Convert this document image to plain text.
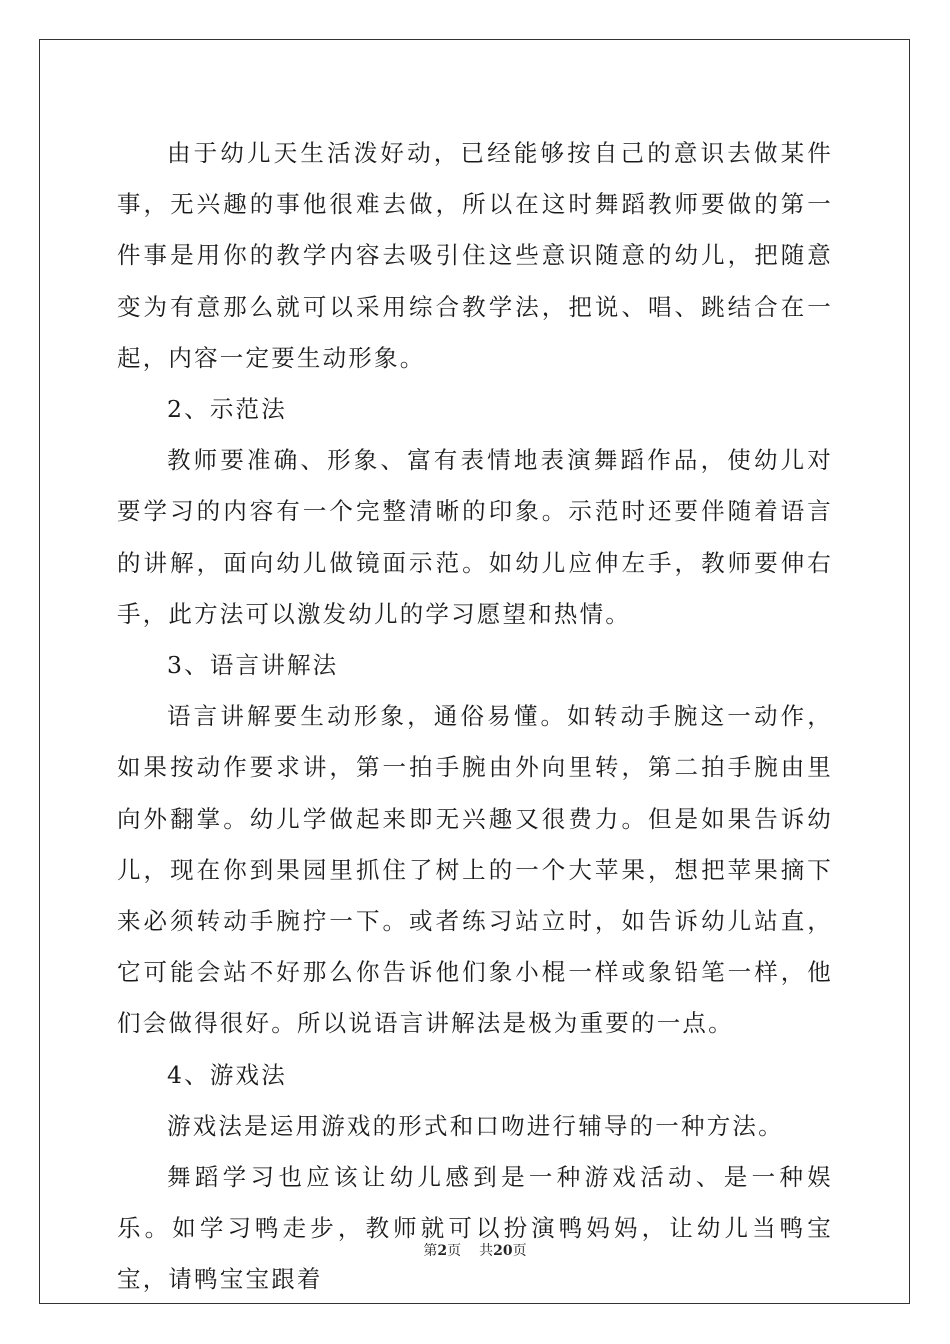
由于幼儿天生活泼好动，已经能够按自己的意识去做某件事，无兴趣的事他很难去做，所以在这时舞蹈教师要做的第一件事是用你的教学内容去吸引住这些意识随意的幼儿，把随意变为有意那么就可以采用综合教学法，把说、唱、跳结合在一起，内容一定要生动形象。

2、示范法

教师要准确、形象、富有表情地表演舞蹈作品，使幼儿对要学习的内容有一个完整清晰的印象。示范时还要伴随着语言的讲解，面向幼儿做镜面示范。如幼儿应伸左手，教师要伸右手，此方法可以激发幼儿的学习愿望和热情。

3、语言讲解法

语言讲解要生动形象，通俗易懂。如转动手腕这一动作，如果按动作要求讲，第一拍手腕由外向里转，第二拍手腕由里向外翻掌。幼儿学做起来即无兴趣又很费力。但是如果告诉幼儿，现在你到果园里抓住了树上的一个大苹果，想把苹果摘下来必须转动手腕拧一下。或者练习站立时，如告诉幼儿站直，它可能会站不好那么你告诉他们象小棍一样或象铅笔一样，他们会做得很好。所以说语言讲解法是极为重要的一点。

4、游戏法

游戏法是运用游戏的形式和口吻进行辅导的一种方法。

舞蹈学习也应该让幼儿感到是一种游戏活动、是一种娱乐。如学习鸭走步，教师就可以扮演鸭妈妈，让幼儿当鸭宝宝，请鸭宝宝跟着

第2页 共20页
